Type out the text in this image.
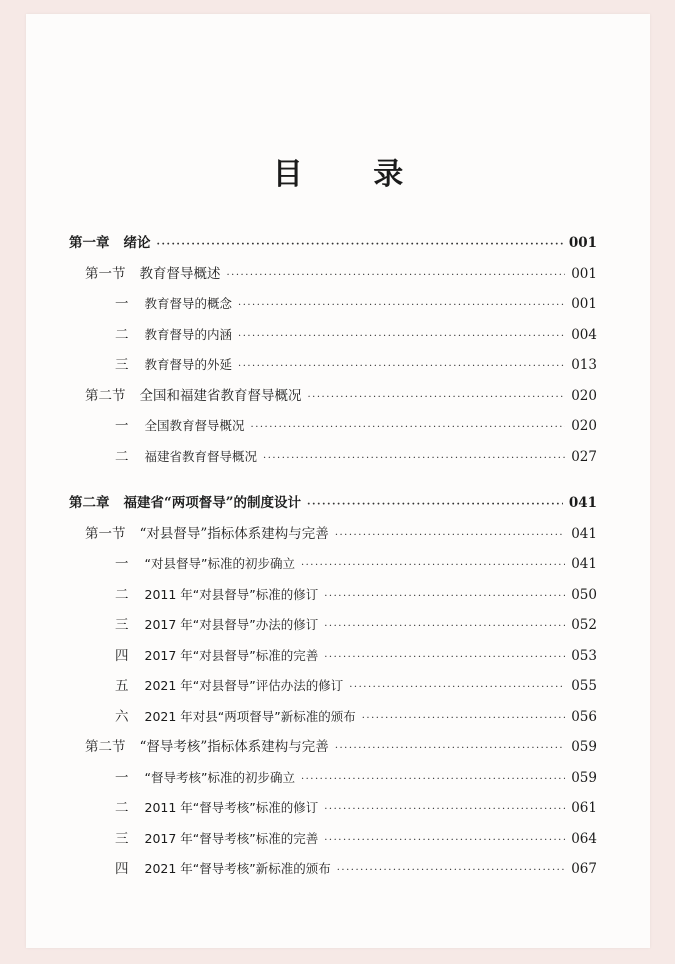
目 录
第一章 绪论 ·····	001
第一节 教育督导概述 ·····	001
一 教育督导的概念 ·····	001
二 教育督导的内涵 ·····	004
三 教育督导的外延 ·····	013
第二节 全国和福建省教育督导概况 ·····	020
一 全国教育督导概况 ·····	020
二 福建省教育督导概况 ·····	027
第二章 福建省“两项督导”的制度设计 ·····	041
第一节 “对县督导”指标体系建构与完善 ·····	041
一 “对县督导”标准的初步确立 ·····	041
二 2011 年“对县督导”标准的修订 ·····	050
三 2017 年“对县督导”办法的修订 ·····	052
四 2017 年“对县督导”标准的完善 ·····	053
五 2021 年“对县督导”评估办法的修订 ·····	055
六 2021 年对县“两项督导”新标准的颁布 ·····	056
第二节 “督导考核”指标体系建构与完善 ·····	059
一 “督导考核”标准的初步确立 ·····	059
二 2011 年“督导考核”标准的修订 ·····	061
三 2017 年“督导考核”标准的完善 ·····	064
四 2021 年“督导考核”新标准的颁布 ·····	067
